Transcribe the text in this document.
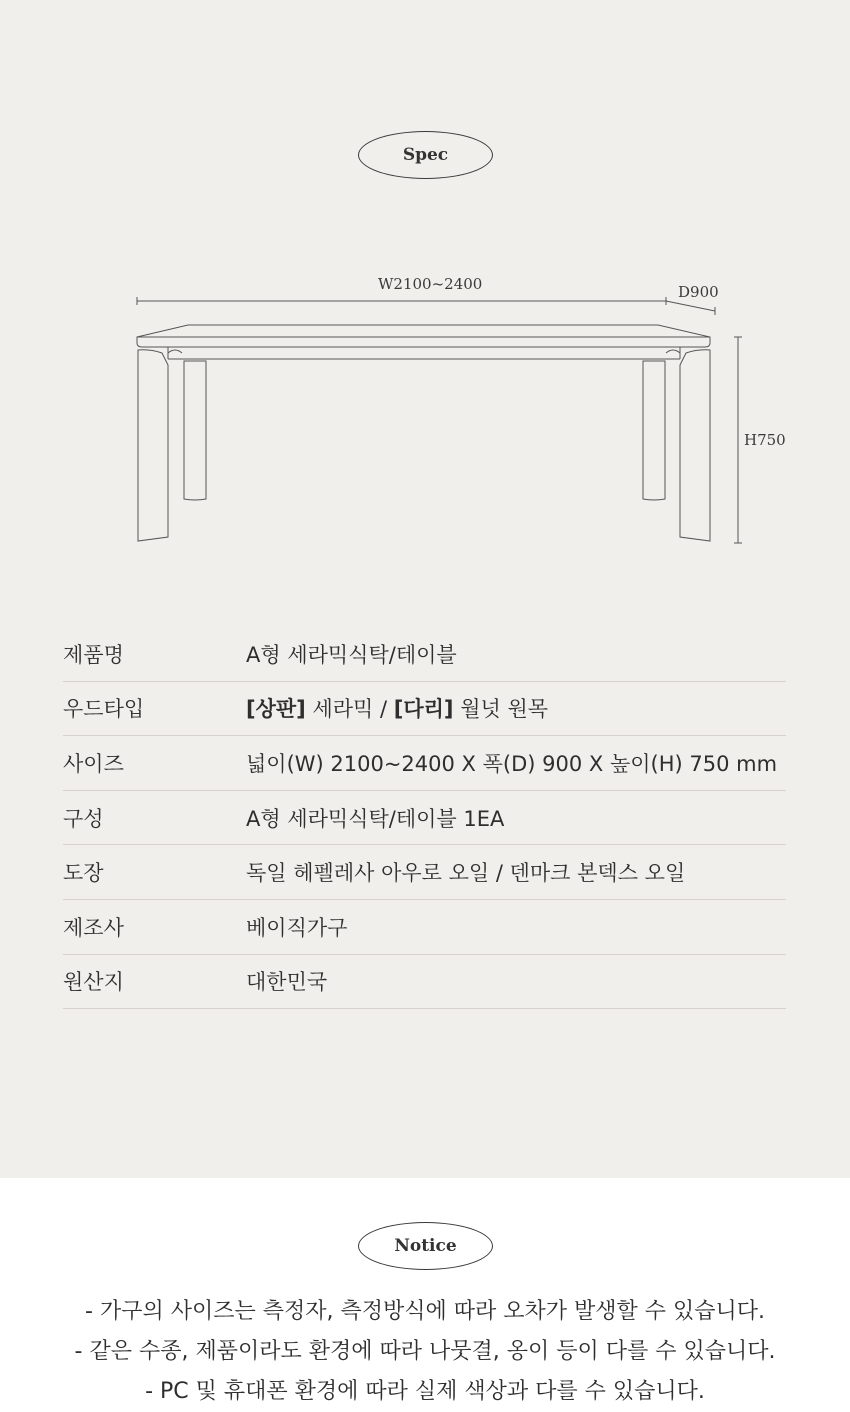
Spec
W2100~2400	D900
H750
제품명	A형 세라믹식탁/테이블
우드타입	[상판] 세라믹 / [다리] 월넛 원목
사이즈	넓이(W) 2100~2400 X 폭(D) 900 X 높이(H) 750 mm
구성	A형 세라믹식탁/테이블 1EA
도장	독일 헤펠레사 아우로 오일 / 덴마크 본덱스 오일
제조사	베이직가구
원산지	대한민국
Notice
- 가구의 사이즈는 측정자, 측정방식에 따라 오차가 발생할 수 있습니다.
- 같은 수종, 제품이라도 환경에 따라 나뭇결, 옹이 등이 다를 수 있습니다.
- PC 및 휴대폰 환경에 따라 실제 색상과 다를 수 있습니다.
